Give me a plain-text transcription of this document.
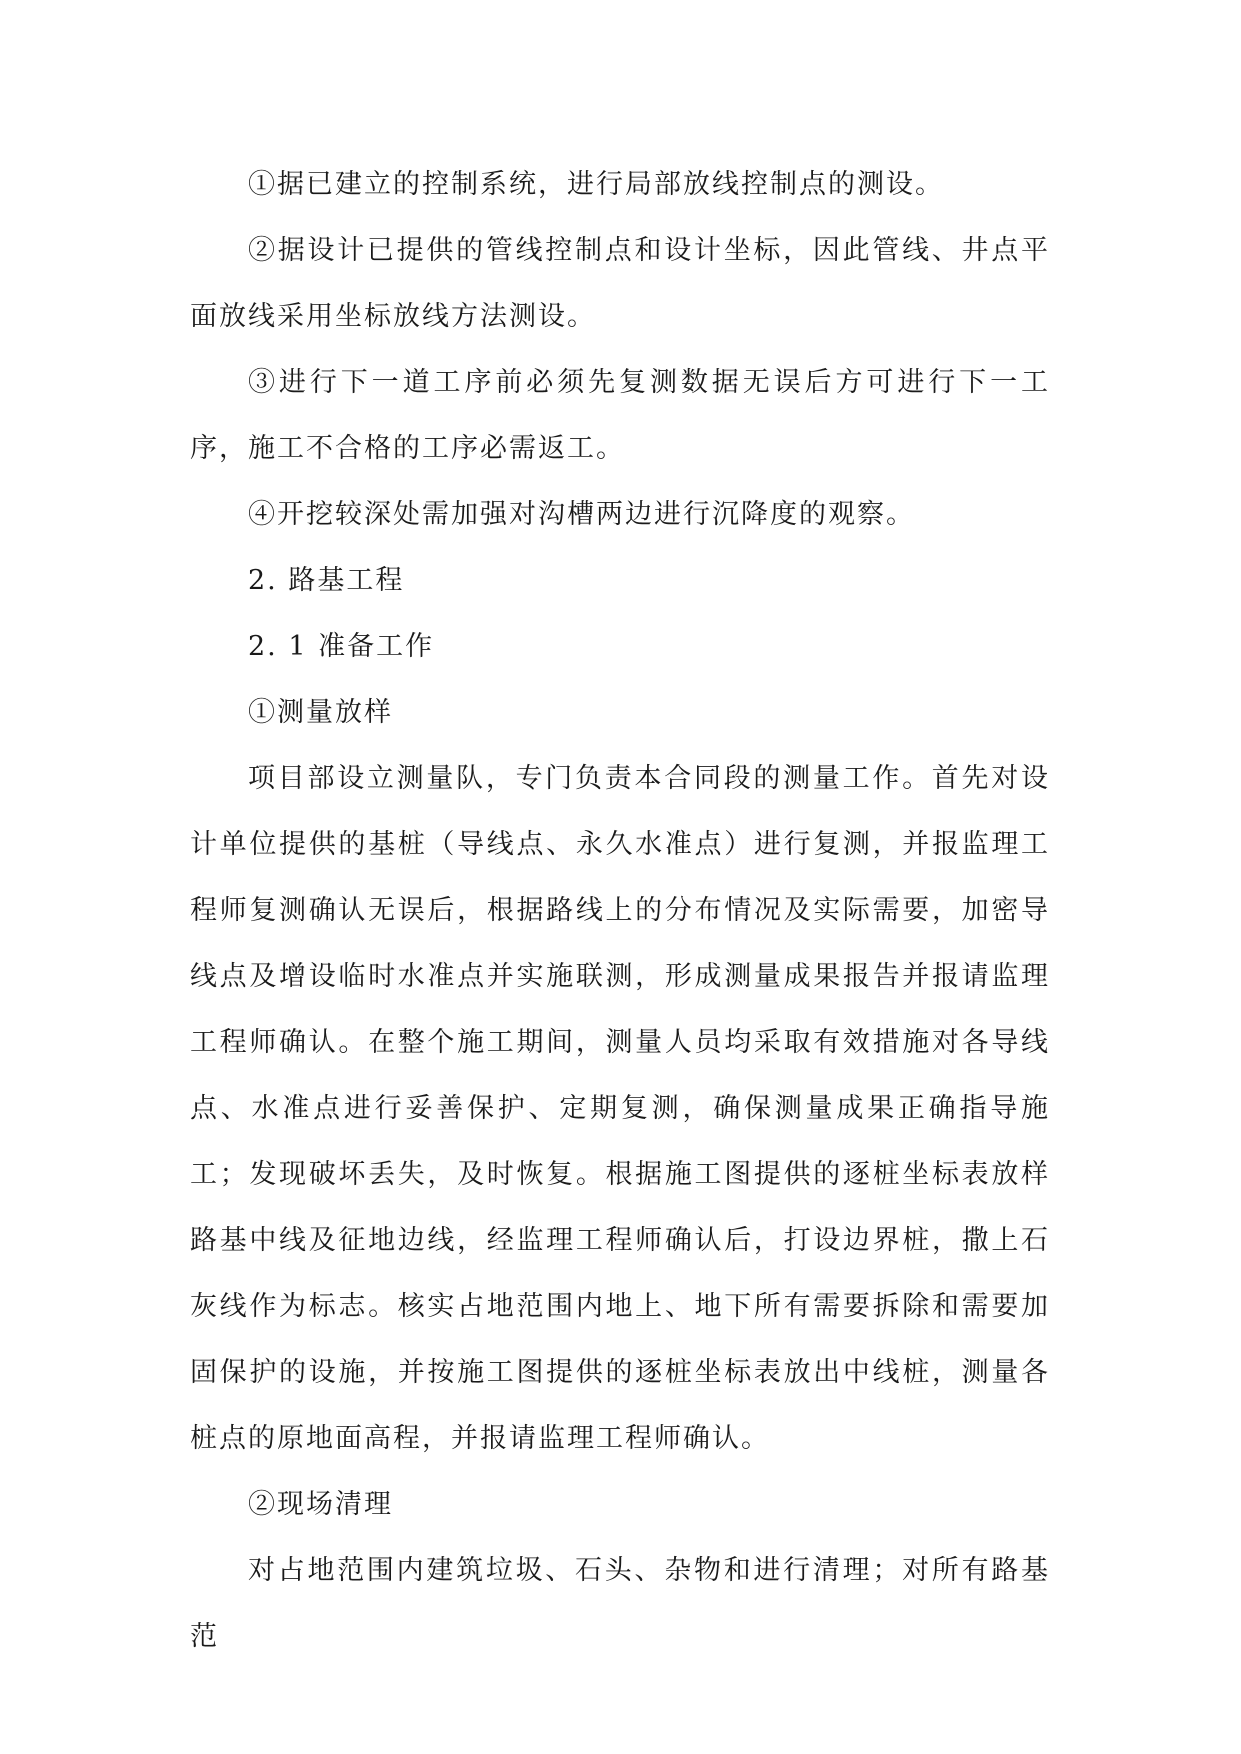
①据已建立的控制系统，进行局部放线控制点的测设。

②据设计已提供的管线控制点和设计坐标，因此管线、井点平面放线采用坐标放线方法测设。

③进行下一道工序前必须先复测数据无误后方可进行下一工序，施工不合格的工序必需返工。

④开挖较深处需加强对沟槽两边进行沉降度的观察。

2. 路基工程

2. 1 准备工作

①测量放样

项目部设立测量队，专门负责本合同段的测量工作。首先对设计单位提供的基桩（导线点、永久水准点）进行复测，并报监理工程师复测确认无误后，根据路线上的分布情况及实际需要，加密导线点及增设临时水准点并实施联测，形成测量成果报告并报请监理工程师确认。在整个施工期间，测量人员均采取有效措施对各导线点、水准点进行妥善保护、定期复测，确保测量成果正确指导施工；发现破坏丢失，及时恢复。根据施工图提供的逐桩坐标表放样路基中线及征地边线，经监理工程师确认后，打设边界桩，撒上石灰线作为标志。核实占地范围内地上、地下所有需要拆除和需要加固保护的设施，并按施工图提供的逐桩坐标表放出中线桩，测量各桩点的原地面高程，并报请监理工程师确认。

②现场清理

对占地范围内建筑垃圾、石头、杂物和进行清理；对所有路基范
